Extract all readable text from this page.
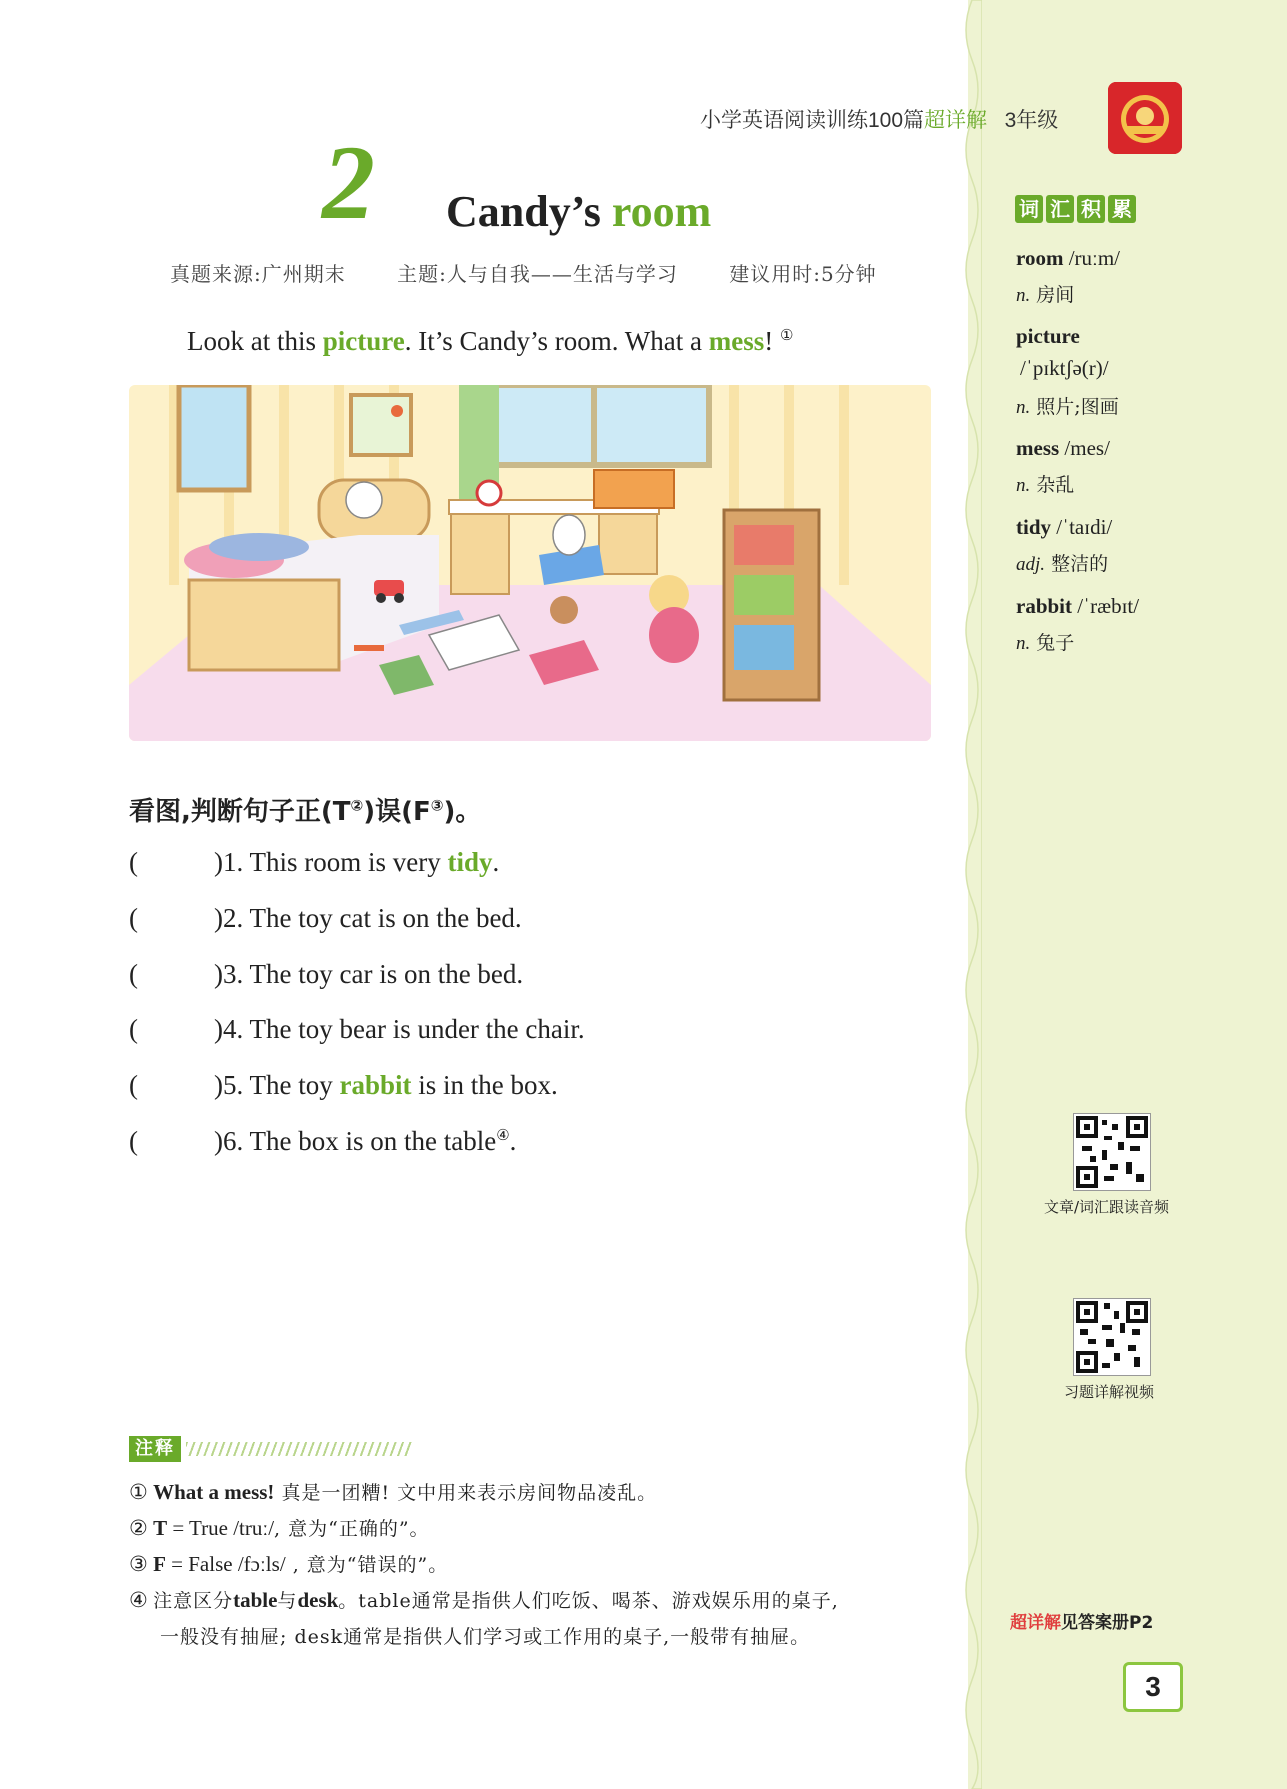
小学英语阅读训练100篇超详解 3年级
2 Candy’s room
真题来源:广州期末	主题:人与自我——生活与学习	建议用时:5分钟
Look at this picture. It’s Candy’s room. What a mess! ①
看图,判断句子正(T②)误(F③)。
(	)1. This room is very tidy.
(	)2. The toy cat is on the bed.
(	)3. The toy car is on the bed.
(	)4. The toy bear is under the chair.
(	)5. The toy rabbit is in the box.
(	)6. The box is on the table④.
注释
① What a mess! 真是一团糟! 文中用来表示房间物品凌乱。
② T = True /truː/, 意为“正确的”。
③ F = False /fɔːls/ , 意为“错误的”。
④ 注意区分table与desk。table通常是指供人们吃饭、喝茶、游戏娱乐用的桌子,
一般没有抽屉; desk通常是指供人们学习或工作用的桌子,一般带有抽屉。
词 汇 积 累
room /ruːm/
n. 房间
picture
/ˈpɪktʃə(r)/
n. 照片;图画
mess /mes/
n. 杂乱
tidy /ˈtaɪdi/
adj. 整洁的
rabbit /ˈræbɪt/
n. 兔子
文章/词汇跟读音频
习题详解视频
超详解见答案册P2
3
